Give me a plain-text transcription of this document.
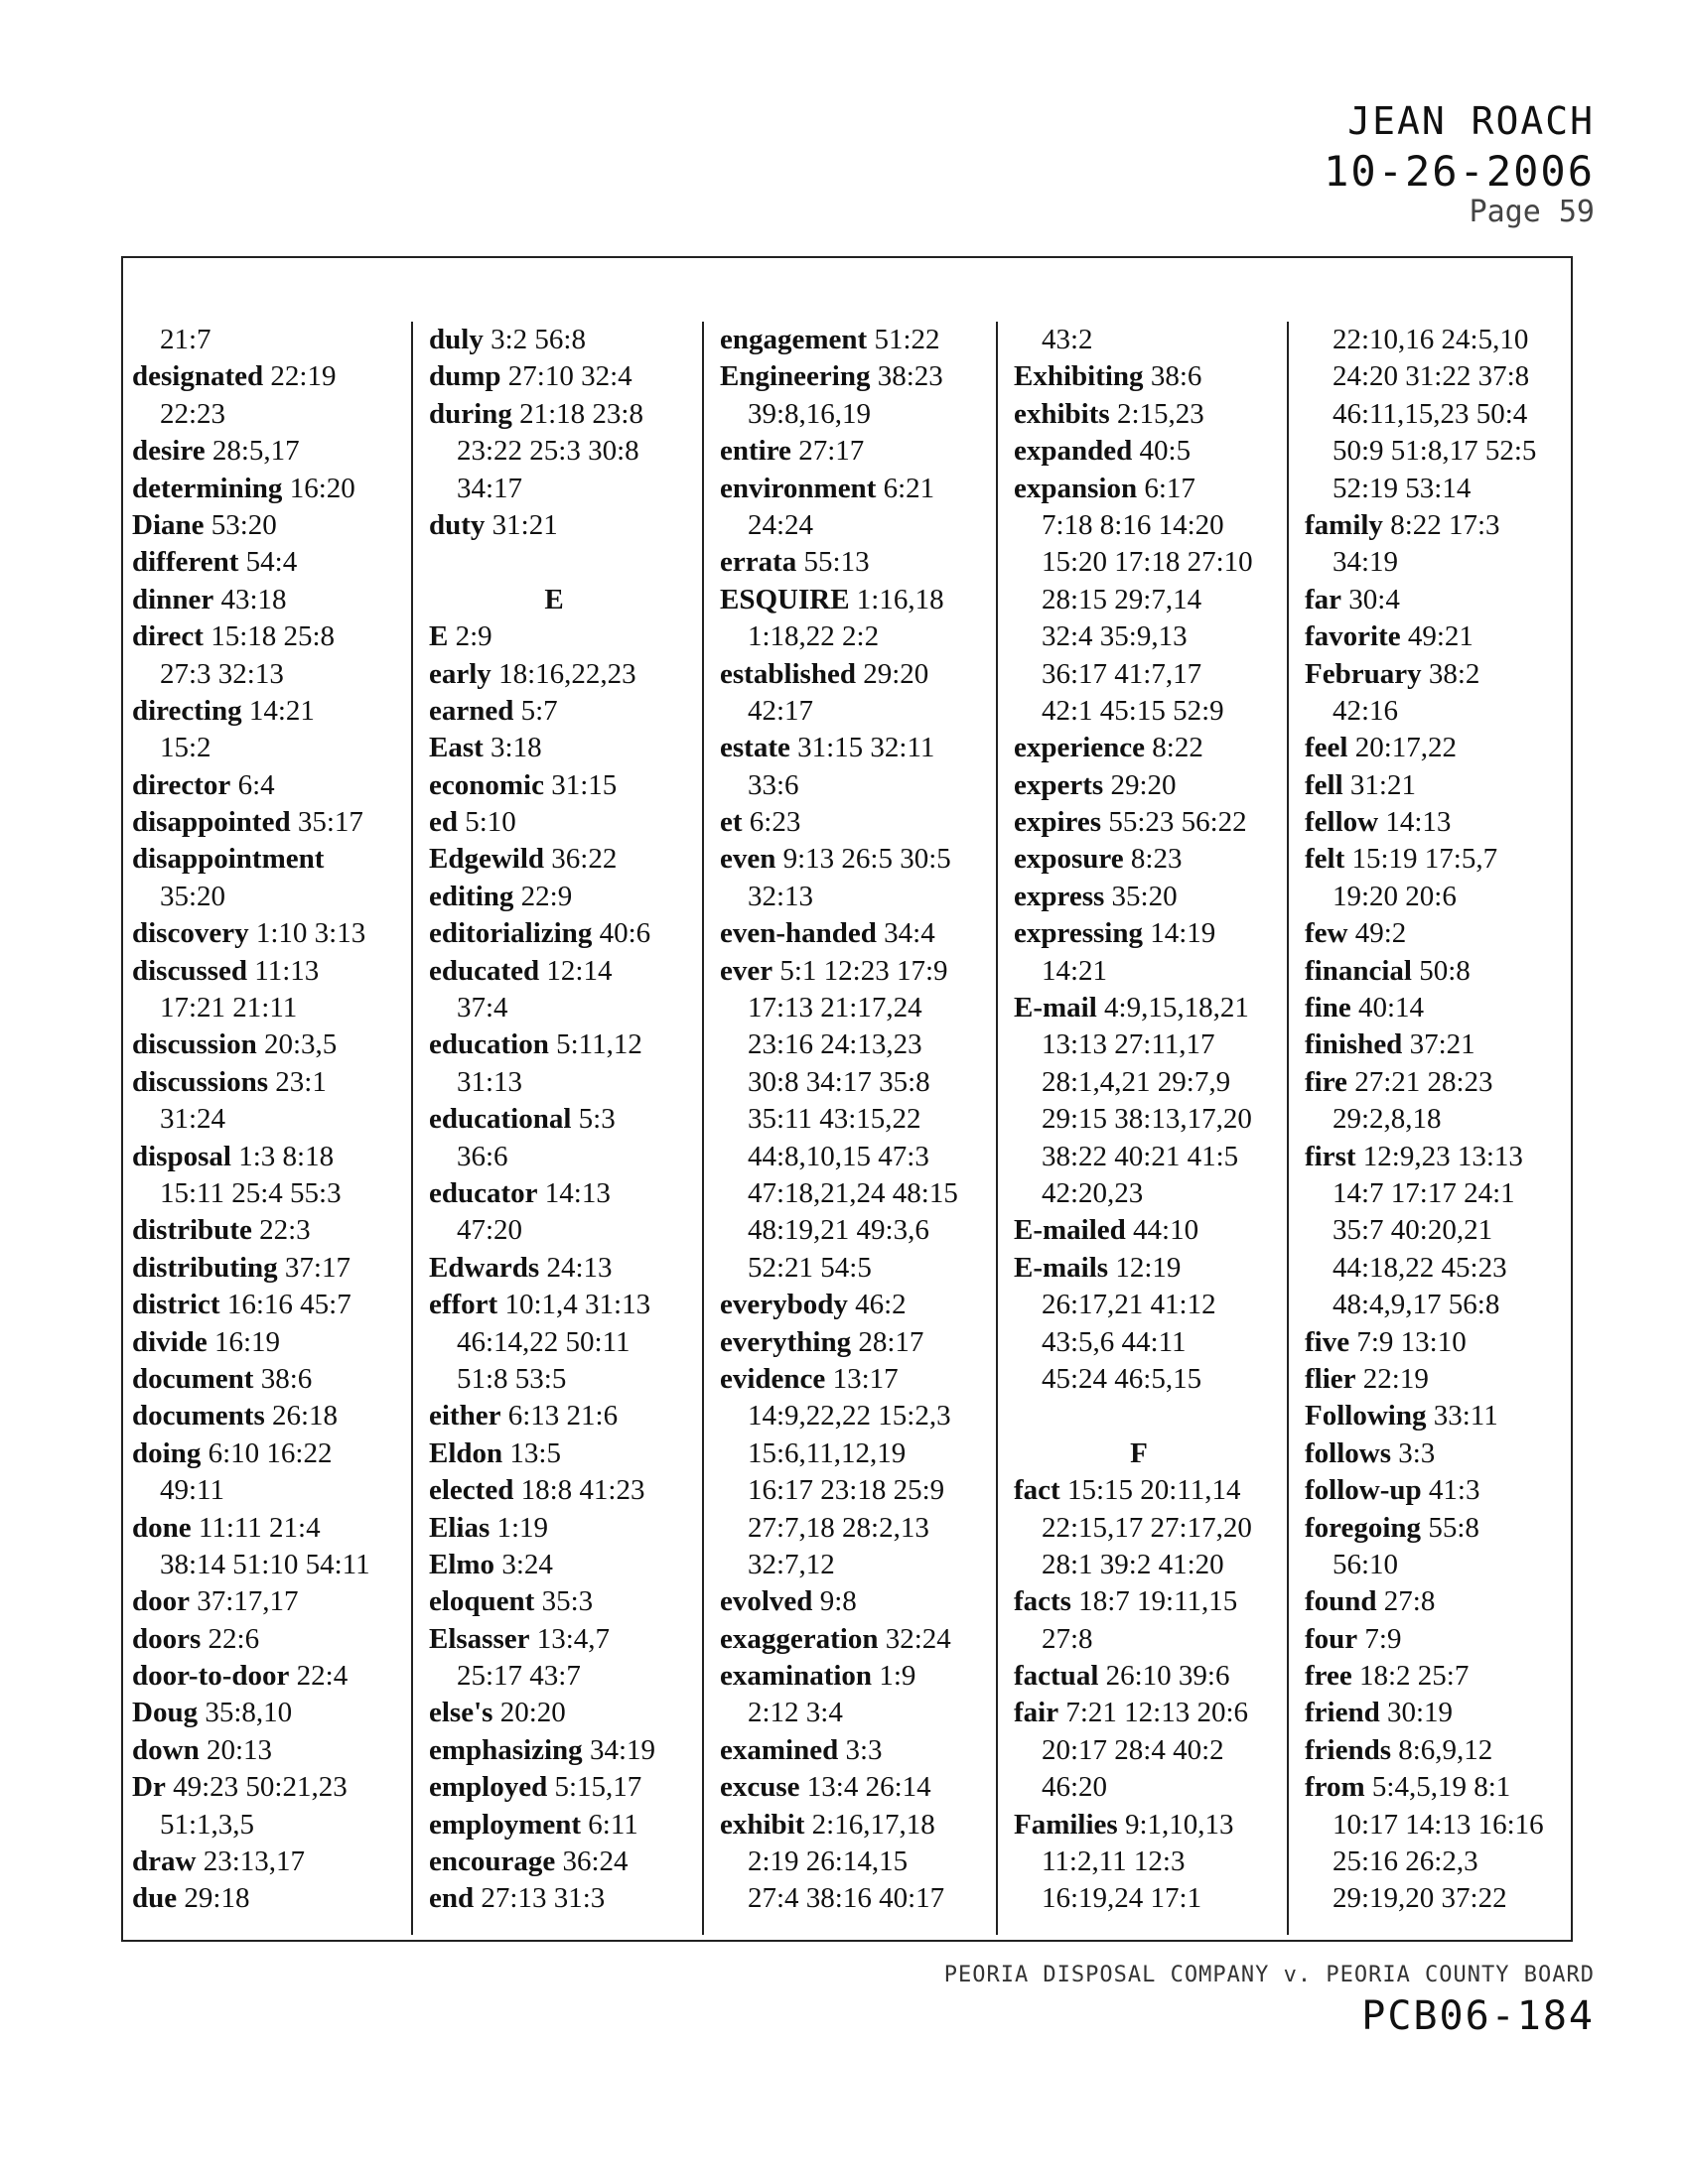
JEAN ROACH
10-26-2006
Page 59
21:7
designated 22:19
22:23
desire 28:5,17
determining 16:20
Diane 53:20
different 54:4
dinner 43:18
direct 15:18 25:8
27:3 32:13
directing 14:21
15:2
director 6:4
disappointed 35:17
disappointment
35:20
discovery 1:10 3:13
discussed 11:13
17:21 21:11
discussion 20:3,5
discussions 23:1
31:24
disposal 1:3 8:18
15:11 25:4 55:3
distribute 22:3
distributing 37:17
district 16:16 45:7
divide 16:19
document 38:6
documents 26:18
doing 6:10 16:22
49:11
done 11:11 21:4
38:14 51:10 54:11
door 37:17,17
doors 22:6
door-to-door 22:4
Doug 35:8,10
down 20:13
Dr 49:23 50:21,23
51:1,3,5
draw 23:13,17
due 29:18
duly 3:2 56:8
dump 27:10 32:4
during 21:18 23:8
23:22 25:3 30:8
34:17
duty 31:21
E
E 2:9
early 18:16,22,23
earned 5:7
East 3:18
economic 31:15
ed 5:10
Edgewild 36:22
editing 22:9
editorializing 40:6
educated 12:14
37:4
education 5:11,12
31:13
educational 5:3
36:6
educator 14:13
47:20
Edwards 24:13
effort 10:1,4 31:13
46:14,22 50:11
51:8 53:5
either 6:13 21:6
Eldon 13:5
elected 18:8 41:23
Elias 1:19
Elmo 3:24
eloquent 35:3
Elsasser 13:4,7
25:17 43:7
else's 20:20
emphasizing 34:19
employed 5:15,17
employment 6:11
encourage 36:24
end 27:13 31:3
engagement 51:22
Engineering 38:23
39:8,16,19
entire 27:17
environment 6:21
24:24
errata 55:13
ESQUIRE 1:16,18
1:18,22 2:2
established 29:20
42:17
estate 31:15 32:11
33:6
et 6:23
even 9:13 26:5 30:5
32:13
even-handed 34:4
ever 5:1 12:23 17:9
17:13 21:17,24
23:16 24:13,23
30:8 34:17 35:8
35:11 43:15,22
44:8,10,15 47:3
47:18,21,24 48:15
48:19,21 49:3,6
52:21 54:5
everybody 46:2
everything 28:17
evidence 13:17
14:9,22,22 15:2,3
15:6,11,12,19
16:17 23:18 25:9
27:7,18 28:2,13
32:7,12
evolved 9:8
exaggeration 32:24
examination 1:9
2:12 3:4
examined 3:3
excuse 13:4 26:14
exhibit 2:16,17,18
2:19 26:14,15
27:4 38:16 40:17
43:2
Exhibiting 38:6
exhibits 2:15,23
expanded 40:5
expansion 6:17
7:18 8:16 14:20
15:20 17:18 27:10
28:15 29:7,14
32:4 35:9,13
36:17 41:7,17
42:1 45:15 52:9
experience 8:22
experts 29:20
expires 55:23 56:22
exposure 8:23
express 35:20
expressing 14:19
14:21
E-mail 4:9,15,18,21
13:13 27:11,17
28:1,4,21 29:7,9
29:15 38:13,17,20
38:22 40:21 41:5
42:20,23
E-mailed 44:10
E-mails 12:19
26:17,21 41:12
43:5,6 44:11
45:24 46:5,15
F
fact 15:15 20:11,14
22:15,17 27:17,20
28:1 39:2 41:20
facts 18:7 19:11,15
27:8
factual 26:10 39:6
fair 7:21 12:13 20:6
20:17 28:4 40:2
46:20
Families 9:1,10,13
11:2,11 12:3
16:19,24 17:1
22:10,16 24:5,10
24:20 31:22 37:8
46:11,15,23 50:4
50:9 51:8,17 52:5
52:19 53:14
family 8:22 17:3
34:19
far 30:4
favorite 49:21
February 38:2
42:16
feel 20:17,22
fell 31:21
fellow 14:13
felt 15:19 17:5,7
19:20 20:6
few 49:2
financial 50:8
fine 40:14
finished 37:21
fire 27:21 28:23
29:2,8,18
first 12:9,23 13:13
14:7 17:17 24:1
35:7 40:20,21
44:18,22 45:23
48:4,9,17 56:8
five 7:9 13:10
flier 22:19
Following 33:11
follows 3:3
follow-up 41:3
foregoing 55:8
56:10
found 27:8
four 7:9
free 18:2 25:7
friend 30:19
friends 8:6,9,12
from 5:4,5,19 8:1
10:17 14:13 16:16
25:16 26:2,3
29:19,20 37:22
PEORIA DISPOSAL COMPANY v. PEORIA COUNTY BOARD
PCB06-184
